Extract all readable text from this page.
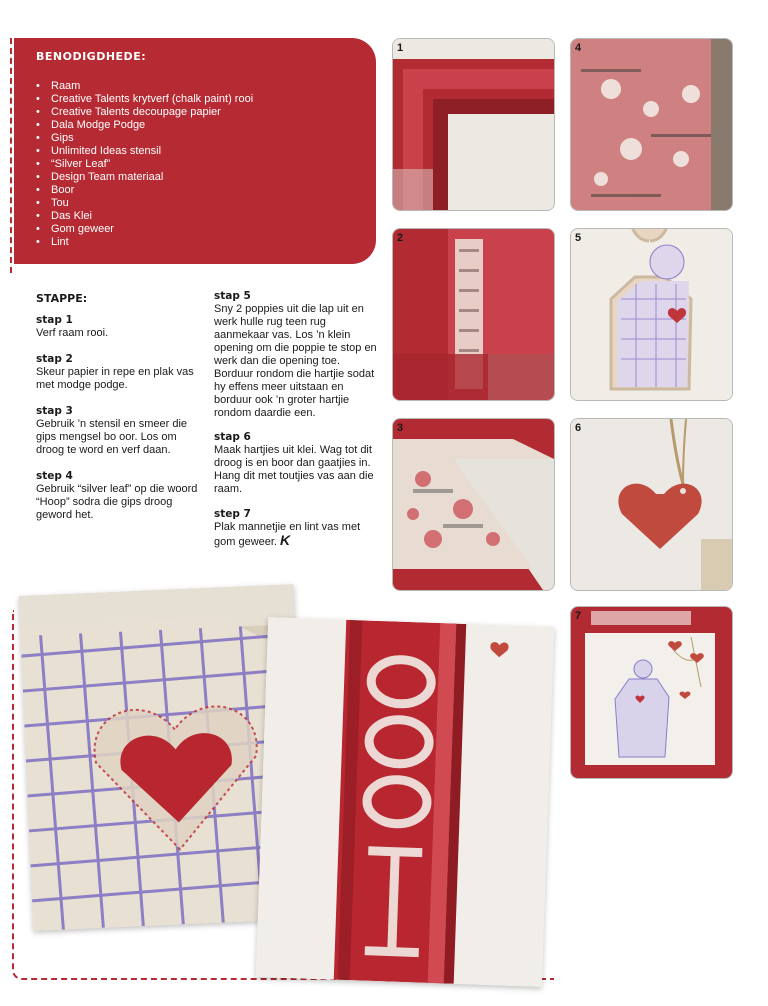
BENODIGDHEDE:
• Raam
• Creative Talents krytverf (chalk paint) rooi
• Creative Talents decoupage papier
• Dala Modge Podge
• Gips
• Unlimited Ideas stensil
• “Silver Leaf”
• Design Team materiaal
• Boor
• Tou
• Das Klei
• Gom geweer
• Lint
STAPPE:
stap 1
Verf raam rooi.
stap 2
Skeur papier in repe en plak vas met modge podge.
stap 3
Gebruik ’n stensil en smeer die gips mengsel bo oor. Los om droog te word en verf daan.
step 4
Gebruik “silver leaf” op die woord “Hoop” sodra die gips droog geword het.
stap 5
Sny 2 poppies uit die lap uit en werk hulle rug teen rug aanmekaar vas. Los ’n klein opening om die poppie te stop en werk dan die opening toe. Borduur rondom die hartjie sodat hy effens meer uitstaan en borduur ook ’n groter hartjie rondom daardie een.
stap 6
Maak hartjies uit klei. Wag tot dit droog is en boor dan gaatjies in. Hang dit met toutjies vas aan die raam.
step 7
Plak mannetjie en lint vas met gom geweer. K
1
2
3
4
5
6
7
